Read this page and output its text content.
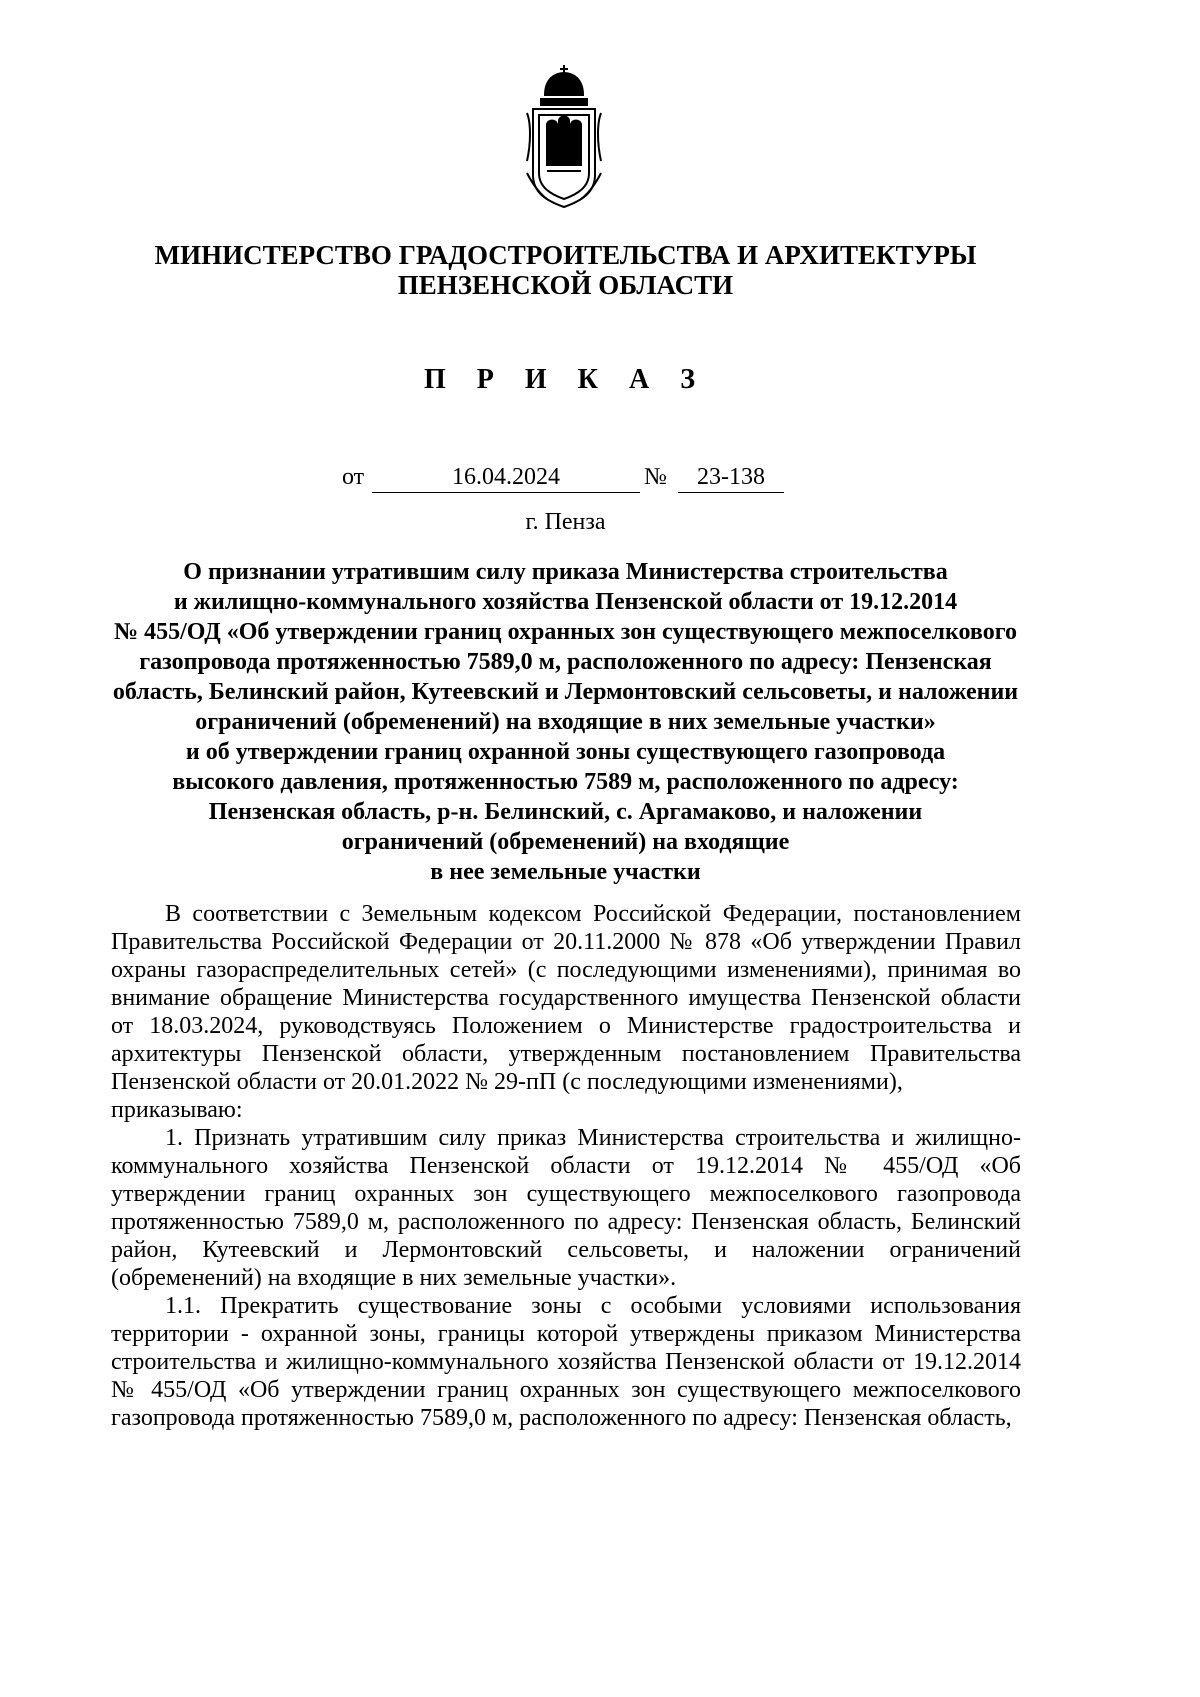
МИНИСТЕРСТВО ГРАДОСТРОИТЕЛЬСТВА И АРХИТЕКТУРЫ
ПЕНЗЕНСКОЙ ОБЛАСТИ
П Р И К А З
от	16.04.2024	№	23-138
г. Пенза
О признании утратившим силу приказа Министерства строительства
и жилищно-коммунального хозяйства Пензенской области от 19.12.2014
№ 455/ОД «Об утверждении границ охранных зон существующего межпоселкового
газопровода протяженностью 7589,0 м, расположенного по адресу: Пензенская
область, Белинский район, Кутеевский и Лермонтовский сельсоветы, и наложении
ограничений (обременений) на входящие в них земельные участки»
и об утверждении границ охранной зоны существующего газопровода
высокого давления, протяженностью 7589 м, расположенного по адресу:
Пензенская область, р-н. Белинский, с. Аргамаково, и наложении
ограничений (обременений) на входящие
в нее земельные участки

В соответствии с Земельным кодексом Российской Федерации, постановлением Правительства Российской Федерации от 20.11.2000 № 878 «Об утверждении Правил охраны газораспределительных сетей» (с последующими изменениями), принимая во внимание обращение Министерства государственного имущества Пензенской области от 18.03.2024, руководствуясь Положением о Министерстве градостроительства и архитектуры Пензенской области, утвержденным постановлением Правительства Пензенской области от 20.01.2022 № 29-пП (с последующими изменениями),

приказываю:

1. Признать утратившим силу приказ Министерства строительства и жилищно-коммунального хозяйства Пензенской области от 19.12.2014 № 455/ОД «Об утверждении границ охранных зон существующего межпоселкового газопровода протяженностью 7589,0 м, расположенного по адресу: Пензенская область, Белинский район, Кутеевский и Лермонтовский сельсоветы, и наложении ограничений (обременений) на входящие в них земельные участки».

1.1. Прекратить существование зоны с особыми условиями использования территории - охранной зоны, границы которой утверждены приказом Министерства строительства и жилищно-коммунального хозяйства Пензенской области от 19.12.2014 № 455/ОД «Об утверждении границ охранных зон существующего межпоселкового газопровода протяженностью 7589,0 м, расположенного по адресу: Пензенская область,
